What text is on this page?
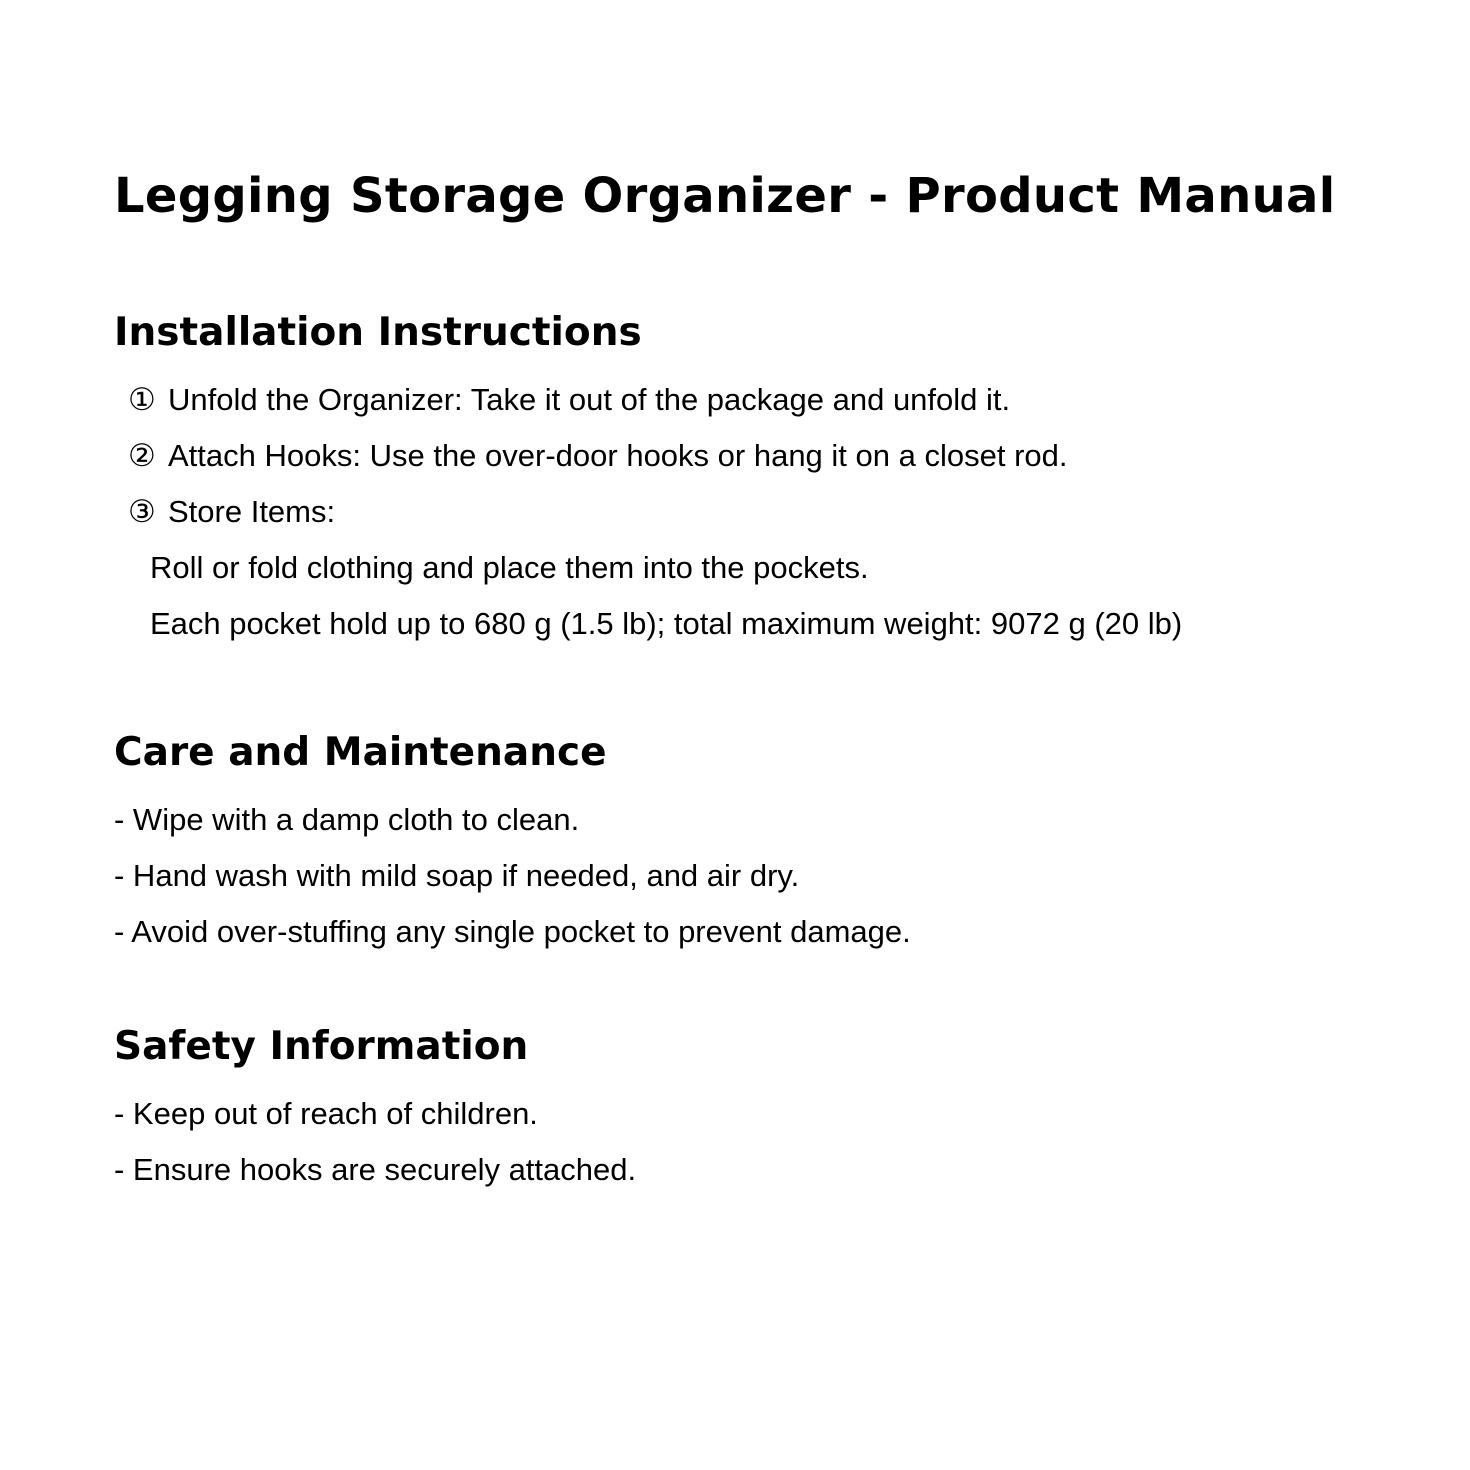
Legging Storage Organizer - Product Manual
Installation Instructions

① Unfold the Organizer: Take it out of the package and unfold it.

② Attach Hooks: Use the over-door hooks or hang it on a closet rod.

③ Store Items:

Roll or fold clothing and place them into the pockets.

Each pocket hold up to 680 g (1.5 lb); total maximum weight: 9072 g (20 lb)

Care and Maintenance

- Wipe with a damp cloth to clean.

- Hand wash with mild soap if needed, and air dry.

- Avoid over-stuffing any single pocket to prevent damage.

Safety Information

- Keep out of reach of children.

- Ensure hooks are securely attached.
